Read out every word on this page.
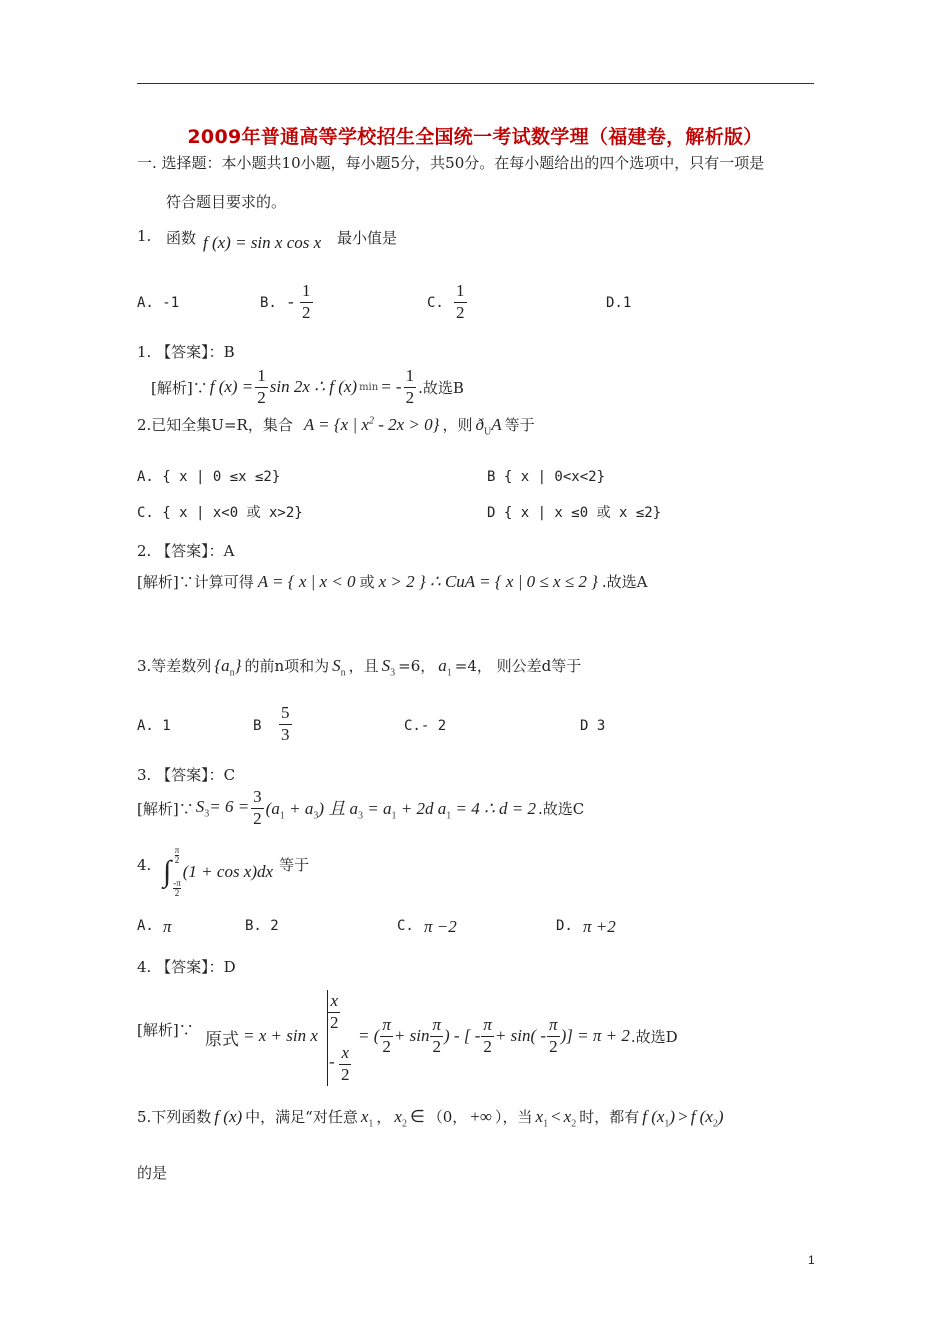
2009年普通高等学校招生全国统一考试数学理（福建卷，解析版）
一. 选择题：本小题共10小题，每小题5分，共50分。在每小题给出的四个选项中，只有一项是
符合题目要求的。
1. 函数 f (x) = sin x cos x 最小值是
A. -1	B. - $\frac{1}{2}$	C. $\frac{1}{2}$	D.1
1. 【答案】：B
[解析]∵ f $(x) = \frac{1}{2}$ sin 2x ∴ f (x) min = - $\frac{1}{2}$ .故选B
2.已知全集U=R，集合 A = {x | $x^2 - 2x > 0$} ，则 $ð_UA$ 等于
A. { x | 0 ≤x ≤2}	B { x | 0<x<2}
C. { x | x<0 或 x>2}	D { x | x ≤0 或 x ≤2}
2. 【答案】：A
[解析]∵计算可得 A = { x | x < 0 或 x > 2 } ∴ CuA = { x | 0 ≤ x ≤ 2 } .故选A
3.等差数列 $\{a_n\}$ 的前n项和为 $S_n$ ，且 $S_3 =6$， $a_1 =4$， 则公差d等于
A. 1	B $\frac{5}{3}$	C.- 2	D 3
3. 【答案】：C
[解析]∵ $S_3= 6 = \frac{3}{2} (a_1 + a_3)$ 且 $a_3 = a_1 + 2d$ $a_1 = 4$ ∴ d = 2 .故选C
4. ∫ $\frac{\pi}{2}$
$\frac{-\pi}{2}$
(1 + cos x)dx 等于
A. π	B. 2	C. π −2	D. π +2
4. 【答案】：D
[解析]∵ 原式 = x + sin x
$\frac{x}{2}$
- $\frac{x}{2}$
= ( $\frac{\pi}{2} + \sin \frac{\pi}{2}$ ) - [ - $\frac{\pi}{2} + \sin( - \frac{\pi}{2}$ )] = π + 2 .故选D
5.下列函数 f (x) 中，满足“对任意 $x_1$ ， $x_2$ ∈ （0， +∞ ），当 $x_1 < x_2$ 时，都有 f $(x_1) > f$ $(x_2)$
的是
1
